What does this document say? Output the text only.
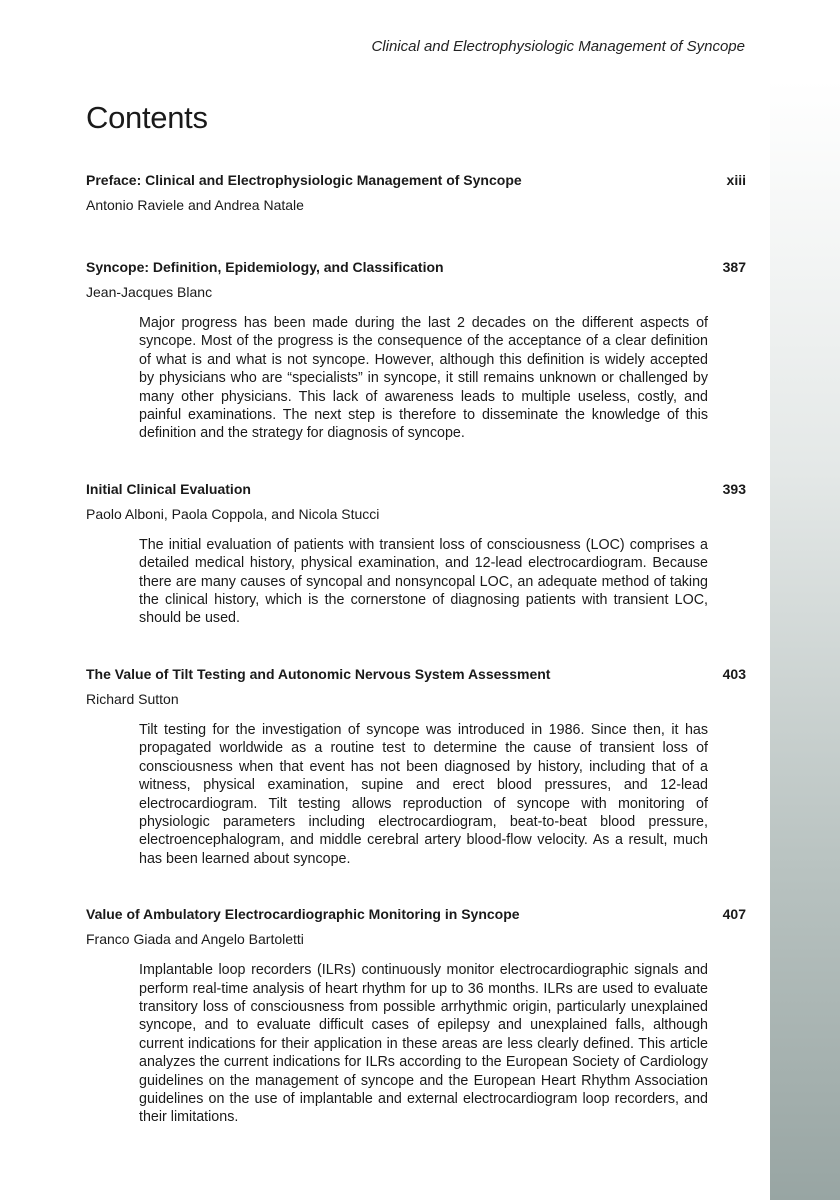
Clinical and Electrophysiologic Management of Syncope
Contents
Preface: Clinical and Electrophysiologic Management of Syncope	xiii
Antonio Raviele and Andrea Natale
Syncope: Definition, Epidemiology, and Classification	387
Jean-Jacques Blanc
Major progress has been made during the last 2 decades on the different aspects of syncope. Most of the progress is the consequence of the acceptance of a clear definition of what is and what is not syncope. However, although this definition is widely accepted by physicians who are “specialists” in syncope, it still remains unknown or challenged by many other physicians. This lack of awareness leads to multiple useless, costly, and painful examinations. The next step is therefore to disseminate the knowledge of this definition and the strategy for diagnosis of syncope.
Initial Clinical Evaluation	393
Paolo Alboni, Paola Coppola, and Nicola Stucci
The initial evaluation of patients with transient loss of consciousness (LOC) comprises a detailed medical history, physical examination, and 12-lead electrocardiogram. Because there are many causes of syncopal and nonsyncopal LOC, an adequate method of taking the clinical history, which is the cornerstone of diagnosing patients with transient LOC, should be used.
The Value of Tilt Testing and Autonomic Nervous System Assessment	403
Richard Sutton
Tilt testing for the investigation of syncope was introduced in 1986. Since then, it has propagated worldwide as a routine test to determine the cause of transient loss of consciousness when that event has not been diagnosed by history, including that of a witness, physical examination, supine and erect blood pressures, and 12-lead electrocardiogram. Tilt testing allows reproduction of syncope with monitoring of physiologic parameters including electrocardiogram, beat-to-beat blood pressure, electroencephalogram, and middle cerebral artery blood-flow velocity. As a result, much has been learned about syncope.
Value of Ambulatory Electrocardiographic Monitoring in Syncope	407
Franco Giada and Angelo Bartoletti
Implantable loop recorders (ILRs) continuously monitor electrocardiographic signals and perform real-time analysis of heart rhythm for up to 36 months. ILRs are used to evaluate transitory loss of consciousness from possible arrhythmic origin, particularly unexplained syncope, and to evaluate difficult cases of epilepsy and unexplained falls, although current indications for their application in these areas are less clearly defined. This article analyzes the current indications for ILRs according to the European Society of Cardiology guidelines on the management of syncope and the European Heart Rhythm Association guidelines on the use of implantable and external electrocardiogram loop recorders, and their limitations.
